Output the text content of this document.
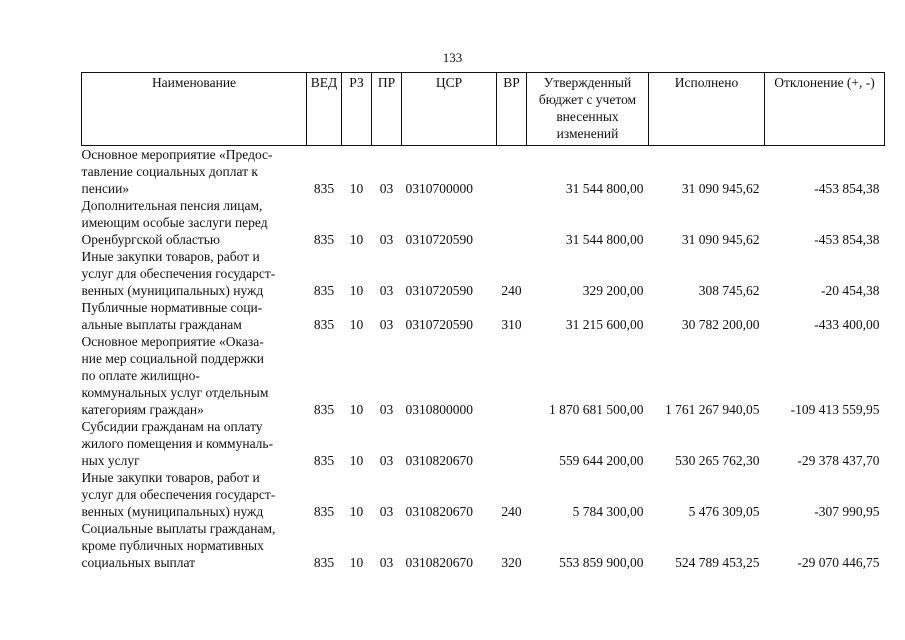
133
Наименование	ВЕД	РЗ	ПР	ЦСР	ВР	Утвержденный бюджет с учетом внесенных изменений	Исполнено	Отклонение (+, -)
Основное мероприятие «Предос-
тавление социальных доплат к
пенсии»	835	10	03	0310700000		31 544 800,00	31 090 945,62	-453 854,38
Дополнительная пенсия лицам,
имеющим особые заслуги перед
Оренбургской областью	835	10	03	0310720590		31 544 800,00	31 090 945,62	-453 854,38
Иные закупки товаров, работ и
услуг для обеспечения государст-
венных (муниципальных) нужд	835	10	03	0310720590	240	329 200,00	308 745,62	-20 454,38
Публичные нормативные соци-
альные выплаты гражданам	835	10	03	0310720590	310	31 215 600,00	30 782 200,00	-433 400,00
Основное мероприятие «Оказа-
ние мер социальной поддержки
по оплате жилищно-
коммунальных услуг отдельным
категориям граждан»	835	10	03	0310800000		1 870 681 500,00	1 761 267 940,05	-109 413 559,95
Субсидии гражданам на оплату
жилого помещения и коммуналь-
ных услуг	835	10	03	0310820670		559 644 200,00	530 265 762,30	-29 378 437,70
Иные закупки товаров, работ и
услуг для обеспечения государст-
венных (муниципальных) нужд	835	10	03	0310820670	240	5 784 300,00	5 476 309,05	-307 990,95
Социальные выплаты гражданам,
кроме публичных нормативных
социальных выплат	835	10	03	0310820670	320	553 859 900,00	524 789 453,25	-29 070 446,75
